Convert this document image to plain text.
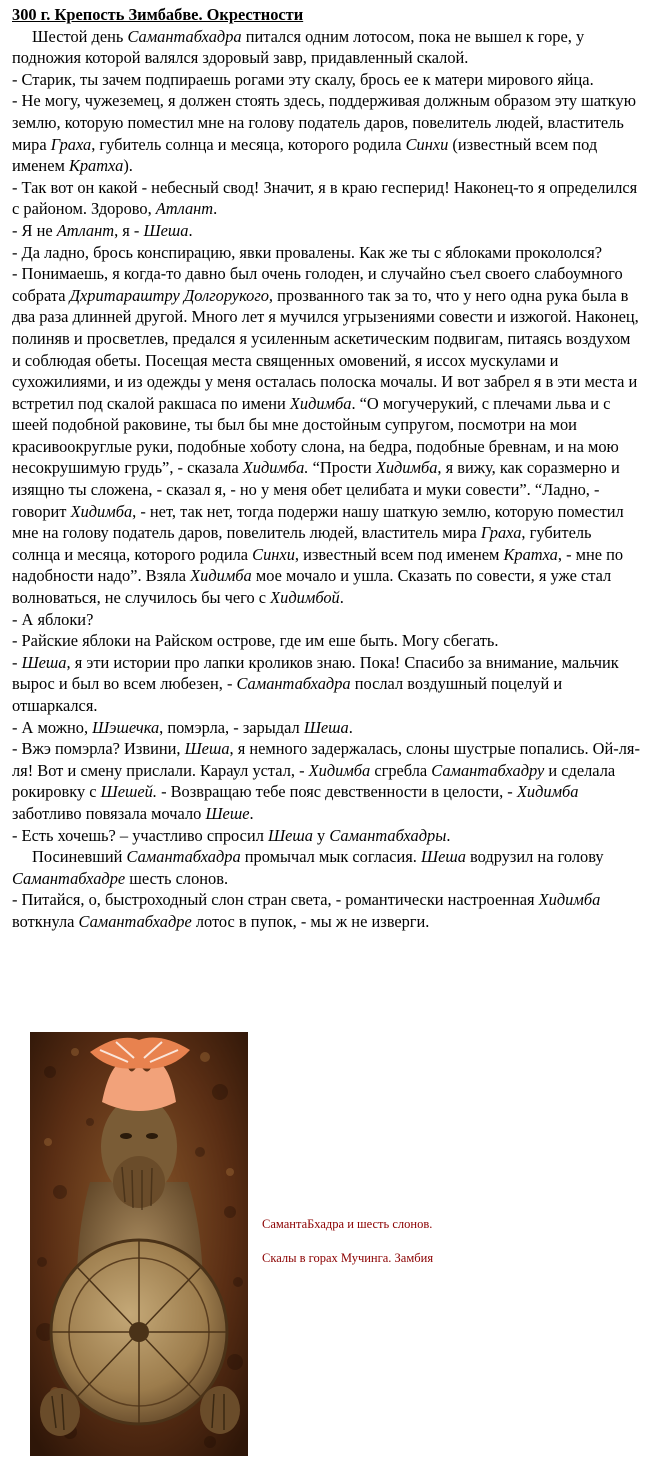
300 г. Крепость Зимбабве. Окрестности

Шестой день Самантабхадра питался одним лотосом, пока не вышел к горе, у подножия которой валялся здоровый завр, придавленный скалой.

- Старик, ты зачем подпираешь рогами эту скалу, брось ее к матери мирового яйца.

- Не могу, чужеземец, я должен стоять здесь, поддерживая должным образом эту шаткую землю, которую поместил мне на голову податель даров, повелитель людей, властитель мира Граха, губитель солнца и месяца, которого родила Синхи (известный всем под именем Кратха).

- Так вот он какой - небесный свод! Значит, я в краю гесперид! Наконец-то я определился с районом. Здорово, Атлант.

- Я не Атлант, я - Шеша.

- Да ладно, брось конспирацию, явки провалены. Как же ты с яблоками прокололся?

- Понимаешь, я когда-то давно был очень голоден, и случайно съел своего слабоумного собрата Дхритараштру Долгорукого, прозванного так за то, что у него одна рука была в два раза длинней другой. Много лет я мучился угрызениями совести и изжогой. Наконец, полиняв и просветлев, предался я усиленным аскетическим подвигам, питаясь воздухом и соблюдая обеты. Посещая места священных омовений, я иссох мускулами и сухожилиями, и из одежды у меня осталась полоска мочалы. И вот забрел я в эти места и встретил под скалой ракшаса по имени Хидимба. “О могучерукий, с плечами льва и с шеей подобной раковине, ты был бы мне достойным супругом, посмотри на мои красивоокруглые руки, подобные хоботу слона, на бедра, подобные бревнам, и на мою несокрушимую грудь”, - сказала Хидимба. “Прости Хидимба, я вижу, как соразмерно и изящно ты сложена, - сказал я, - но у меня обет целибата и муки совести”. “Ладно, - говорит Хидимба, - нет, так нет, тогда подержи нашу шаткую землю, которую поместил мне на голову податель даров, повелитель людей, властитель мира Граха, губитель солнца и месяца, которого родила Синхи, известный всем под именем Кратха, - мне по надобности надо”. Взяла Хидимба мое мочало и ушла. Сказать по совести, я уже стал волноваться, не случилось бы чего с Хидимбой.

- А яблоки?

- Райские яблоки на Райском острове, где им еше быть. Могу сбегать.

- Шеша, я эти истории про лапки кроликов знаю. Пока! Спасибо за внимание, мальчик вырос и был во всем любезен, - Самантабхадра послал воздушный поцелуй и отшаркался.

- А можно, Шэшечка, помэрла, - зарыдал Шеша.

- Вжэ помэрла? Извини, Шеша, я немного задержалась, слоны шустрые попались. Ой-ля-ля! Вот и смену прислали. Караул устал, - Хидимба сгребла Самантабхадру и сделала рокировку с Шешей. - Возвращаю тебе пояс девственности в целости, - Хидимба заботливо повязала мочало Шеше.

- Есть хочешь? – участливо спросил Шеша у Самантабхадры.

Посиневший Самантабхадра промычал мык согласия. Шеша водрузил на голову Самантабхадре шесть слонов.

- Питайся, о, быстроходный слон стран света, - романтически настроенная Хидимба воткнула Самантабхадре лотос в пупок, - мы ж не изверги.

СамантаБхадра и шесть слонов.

Скалы в горах Мучинга. Замбия
